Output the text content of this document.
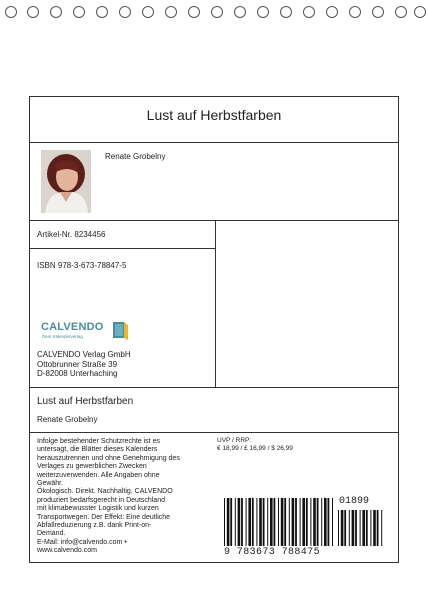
Lust auf Herbstfarben
Renate Grobelny
Artikel-Nr. 8234456
ISBN 978-3-673-78847-5
CALVENDO
Dein Kalenderverlag
CALVENDO Verlag GmbH
Ottobrunner Straße 39
D-82008 Unterhaching
Lust auf Herbstfarben
Renate Grobelny
Infolge bestehender Schutzrechte ist es
untersagt, die Blätter dieses Kalenders
herauszutrennen und ohne Genehmigung des
Verlages zu gewerblichen Zwecken
weiterzuverwenden. Alle Angaben ohne
Gewähr.
Ökologisch. Direkt. Nachhaltig. CALVENDO
produziert bedarfsgerecht in Deutschland
mit klimabewusster Logistik und kurzen
Transportwegen. Der Effekt: Eine deutliche
Abfallreduzierung z.B. dank Print-on-
Demand.
E-Mail: info@calvendo.com •
www.calvendo.com
UVP / RRP:
€ 18,99 / £ 16,99 / $ 26,99
01899
9 783673 788475
